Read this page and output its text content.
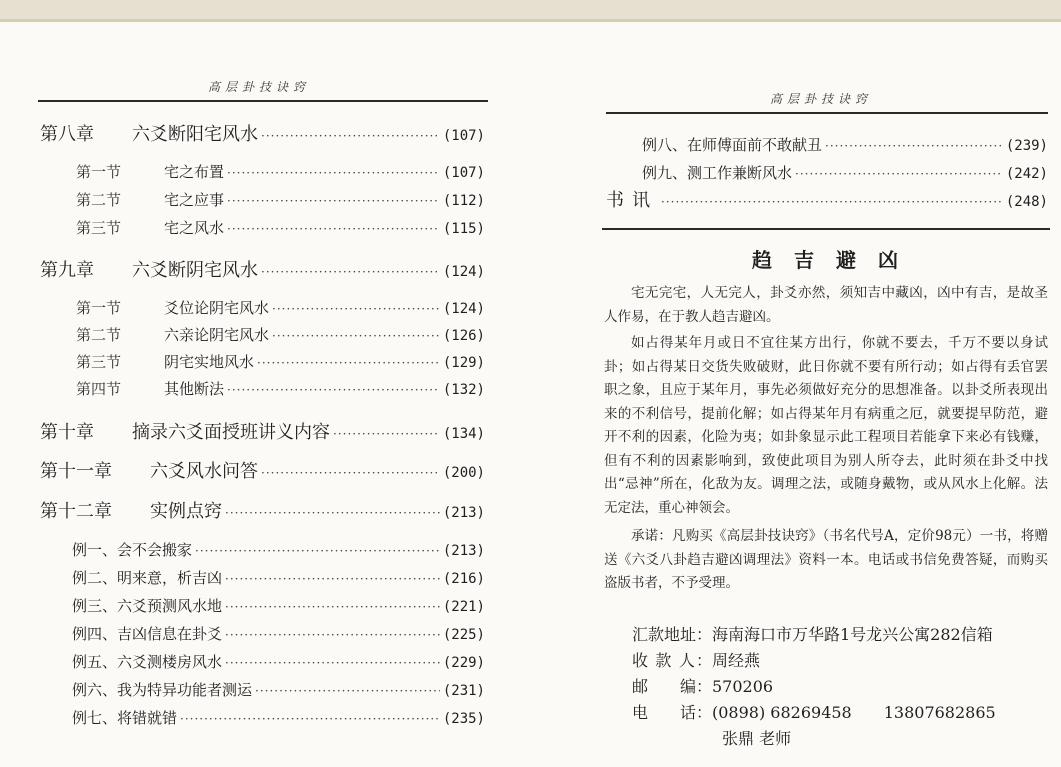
高层卦技诀窍
第八章	六爻断阳宅风水 ·····	(107)
第一节	宅之布置 ·····	(107)
第二节	宅之应事 ·····	(112)
第三节	宅之风水 ·····	(115)
第九章	六爻断阴宅风水 ·····	(124)
第一节	爻位论阴宅风水 ·····	(124)
第二节	六亲论阴宅风水 ·····	(126)
第三节	阴宅实地风水 ·····	(129)
第四节	其他断法 ·····	(132)
第十章	摘录六爻面授班讲义内容 ·····	(134)
第十一章	六爻风水问答 ·····	(200)
第十二章	实例点窍 ·····	(213)
例一、会不会搬家 ·····	(213)
例二、明来意，析吉凶 ·····	(216)
例三、六爻预测风水地 ·····	(221)
例四、吉凶信息在卦爻 ·····	(225)
例五、六爻测楼房风水 ·····	(229)
例六、我为特异功能者测运 ·····	(231)
例七、将错就错 ·····	(235)
高层卦技诀窍
例八、在师傅面前不敢献丑 ·····	(239)
例九、测工作兼断风水 ·····	(242)
书讯 ·····	(248)
趋吉避凶
宅无完宅，人无完人，卦爻亦然，须知吉中藏凶，凶中有吉，是故圣人作易，在于教人趋吉避凶。
如占得某年月或日不宜往某方出行，你就不要去，千万不要以身试卦；如占得某日交货失败破财，此日你就不要有所行动；如占得有丢官罢职之象，且应于某年月，事先必须做好充分的思想准备。以卦爻所表现出来的不利信号，提前化解；如占得某年月有病重之厄，就要提早防范，避开不利的因素，化险为夷；如卦象显示此工程项目若能拿下来必有钱赚，但有不利的因素影响到，致使此项目为别人所夺去，此时须在卦爻中找出“忌神”所在，化敌为友。调理之法，或随身戴物，或从风水上化解。法无定法，重心神领会。
承诺：凡购买《高层卦技诀窍》（书名代号A，定价98元）一书，将赠送《六爻八卦趋吉避凶调理法》资料一本。电话或书信免费答疑，而购买盗版书者，不予受理。
汇款地址：海南海口市万华路1号龙兴公寓282信箱
收 款 人：周经燕
邮　　编：570206
电　　话：(0898) 68269458　　13807682865
张鼎 老师
